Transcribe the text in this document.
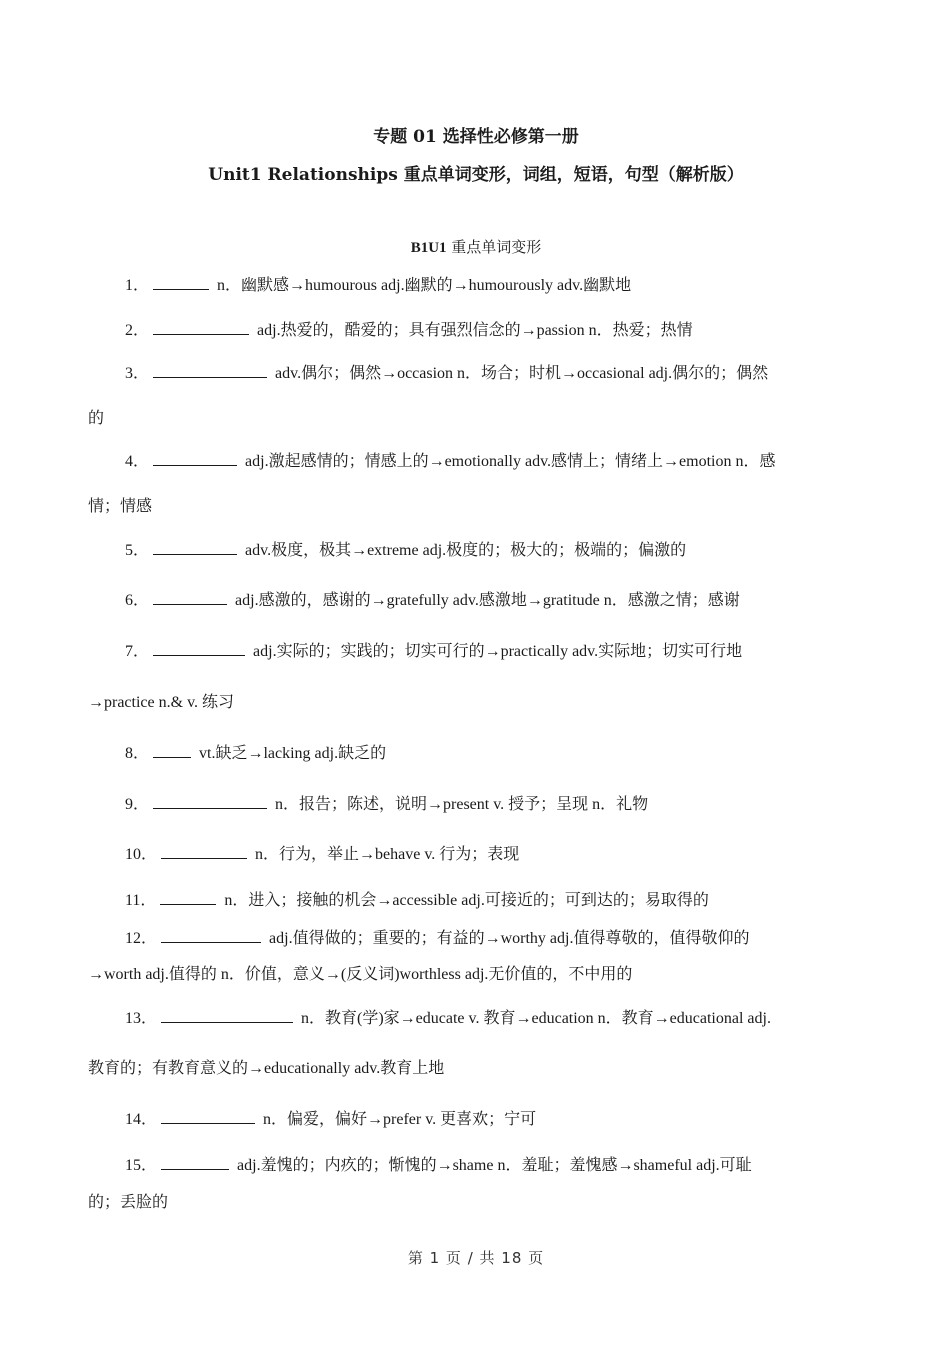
专题 01 选择性必修第一册
Unit1 Relationships 重点单词变形，词组，短语，句型（解析版）
B1U1 重点单词变形
1．	n．幽默感→humourous adj.幽默的→humourously adv.幽默地
2．	adj.热爱的，酷爱的；具有强烈信念的→passion n．热爱；热情
3．	adv.偶尔；偶然→occasion n．场合；时机→occasional adj.偶尔的；偶然
的
4．	adj.激起感情的；情感上的→emotionally adv.感情上；情绪上→emotion n．感
情；情感
5．	adv.极度，极其→extreme adj.极度的；极大的；极端的；偏激的
6．	adj.感激的，感谢的→gratefully adv.感激地→gratitude n．感激之情；感谢
7．	adj.实际的；实践的；切实可行的→practically adv.实际地；切实可行地
→practice n.& v. 练习
8．	vt.缺乏→lacking adj.缺乏的
9．	n．报告；陈述，说明→present v. 授予；呈现 n．礼物
10．	n．行为，举止→behave v. 行为；表现
11．	n．进入；接触的机会→accessible adj.可接近的；可到达的；易取得的
12．	adj.值得做的；重要的；有益的→worthy adj.值得尊敬的，值得敬仰的
→worth adj.值得的 n．价值，意义→(反义词)worthless adj.无价值的，不中用的
13．	n．教育(学)家→educate v. 教育→education n．教育→educational adj.
教育的；有教育意义的→educationally adv.教育上地
14．	n．偏爱，偏好→prefer v. 更喜欢；宁可
15．	adj.羞愧的；内疚的；惭愧的→shame n．羞耻；羞愧感→shameful adj.可耻
的；丢脸的
第 1 页 / 共 18 页
